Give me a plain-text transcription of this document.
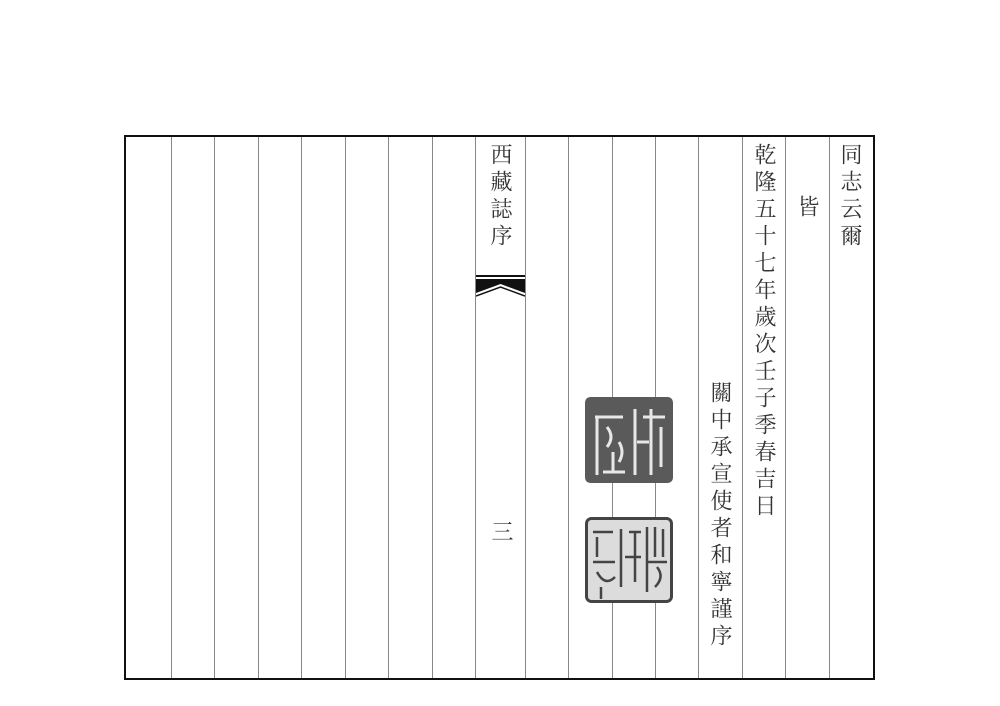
同志云爾
皆
乾隆五十七年歲次壬子季春吉日
關中承宣使者和寧謹序
西藏誌序
三
